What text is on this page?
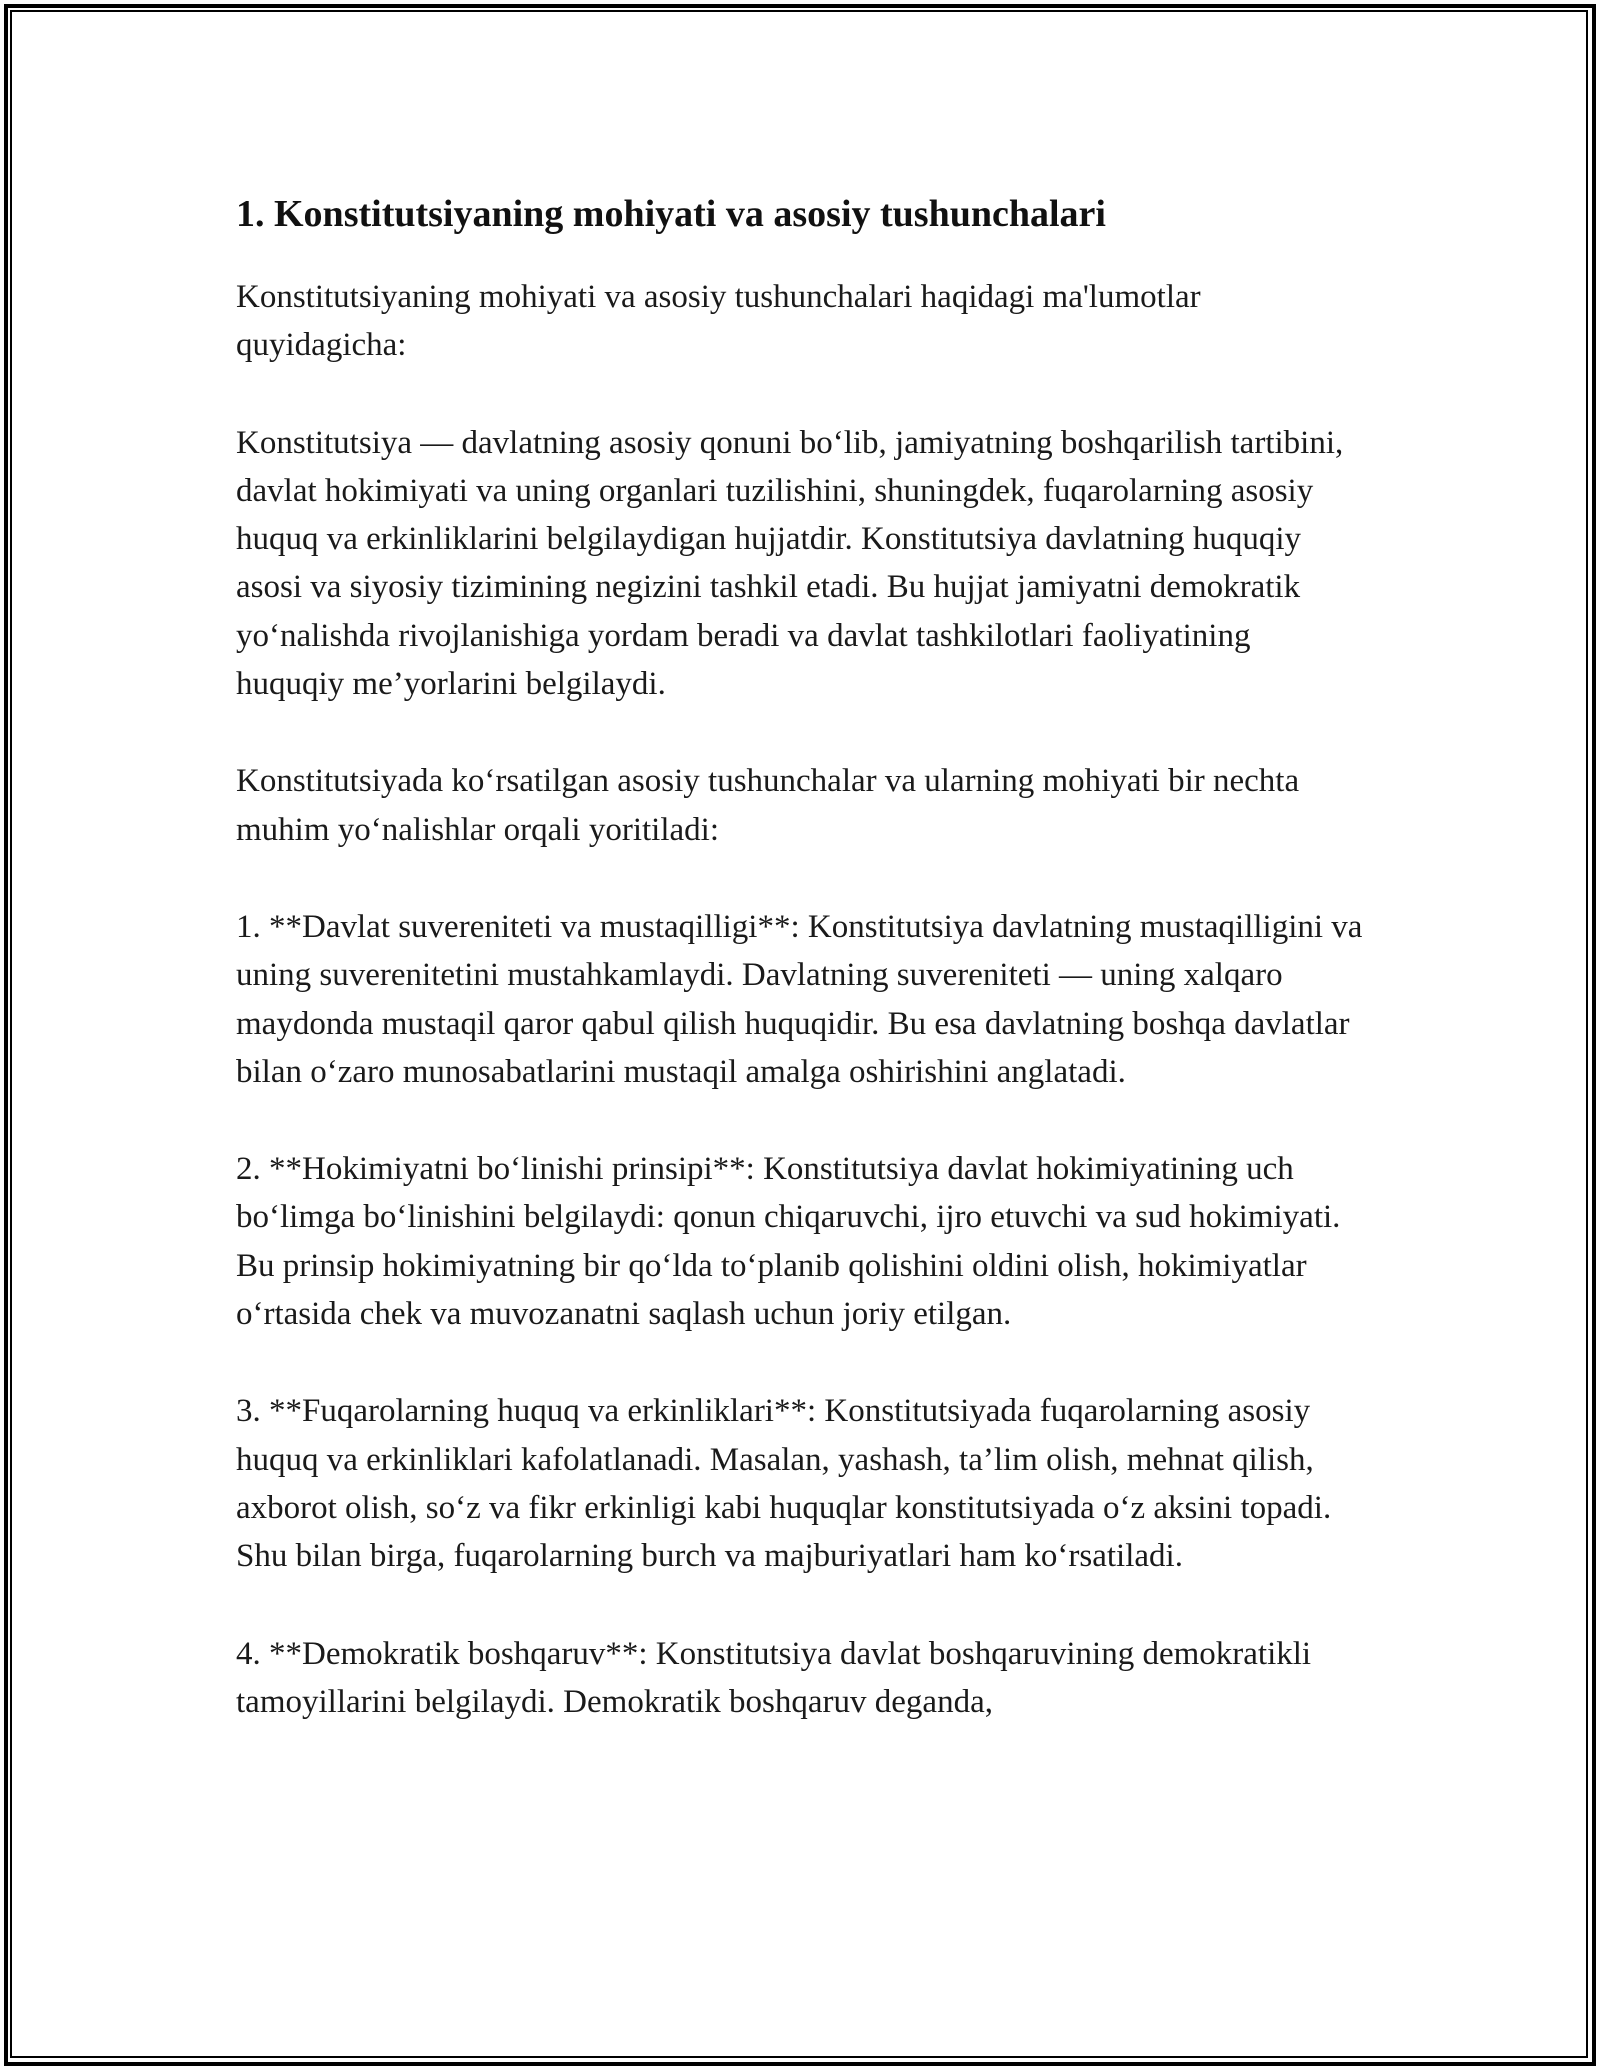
1. Konstitutsiyaning mohiyati va asosiy tushunchalari

Konstitutsiyaning mohiyati va asosiy tushunchalari haqidagi ma'lumotlar quyidagicha:

Konstitutsiya — davlatning asosiy qonuni bo‘lib, jamiyatning boshqarilish tartibini, davlat hokimiyati va uning organlari tuzilishini, shuningdek, fuqarolarning asosiy huquq va erkinliklarini belgilaydigan hujjatdir. Konstitutsiya davlatning huquqiy asosi va siyosiy tizimining negizini tashkil etadi. Bu hujjat jamiyatni demokratik yo‘nalishda rivojlanishiga yordam beradi va davlat tashkilotlari faoliyatining huquqiy me’yorlarini belgilaydi.

Konstitutsiyada ko‘rsatilgan asosiy tushunchalar va ularning mohiyati bir nechta muhim yo‘nalishlar orqali yoritiladi:

1. **Davlat suvereniteti va mustaqilligi**: Konstitutsiya davlatning mustaqilligini va uning suverenitetini mustahkamlaydi. Davlatning suvereniteti — uning xalqaro maydonda mustaqil qaror qabul qilish huquqidir. Bu esa davlatning boshqa davlatlar bilan o‘zaro munosabatlarini mustaqil amalga oshirishini anglatadi.

2. **Hokimiyatni bo‘linishi prinsipi**: Konstitutsiya davlat hokimiyatining uch bo‘limga bo‘linishini belgilaydi: qonun chiqaruvchi, ijro etuvchi va sud hokimiyati. Bu prinsip hokimiyatning bir qo‘lda to‘planib qolishini oldini olish, hokimiyatlar o‘rtasida chek va muvozanatni saqlash uchun joriy etilgan.

3. **Fuqarolarning huquq va erkinliklari**: Konstitutsiyada fuqarolarning asosiy huquq va erkinliklari kafolatlanadi. Masalan, yashash, ta’lim olish, mehnat qilish, axborot olish, so‘z va fikr erkinligi kabi huquqlar konstitutsiyada o‘z aksini topadi. Shu bilan birga, fuqarolarning burch va majburiyatlari ham ko‘rsatiladi.

4. **Demokratik boshqaruv**: Konstitutsiya davlat boshqaruvining demokratikli tamoyillarini belgilaydi. Demokratik boshqaruv deganda,
